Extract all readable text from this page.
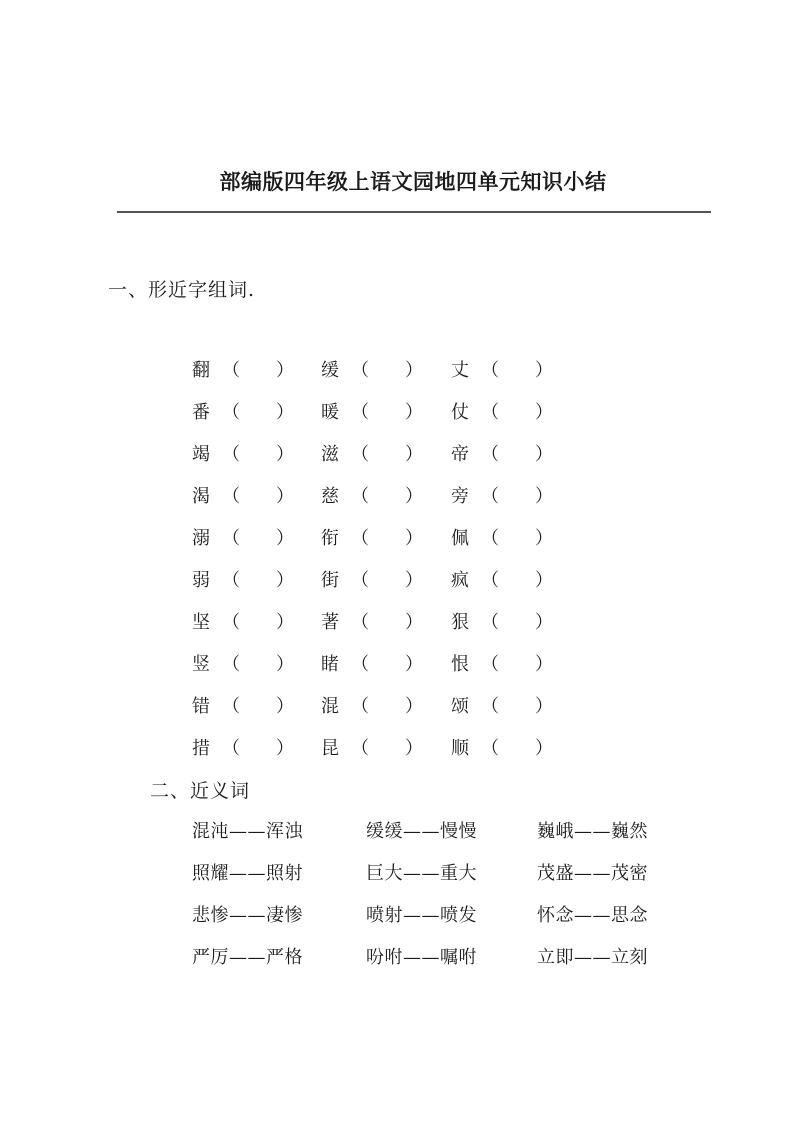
部编版四年级上语文园地四单元知识小结
一、形近字组词.
翻 （ ） 缓 （ ） 丈 （ ）
番 （ ） 暖 （ ） 仗 （ ）
竭 （ ） 滋 （ ） 帝 （ ）
渴 （ ） 慈 （ ） 旁 （ ）
溺 （ ） 衔 （ ） 佩 （ ）
弱 （ ） 街 （ ） 疯 （ ）
坚 （ ） 著 （ ） 狠 （ ）
竖 （ ） 睹 （ ） 恨 （ ）
错 （ ） 混 （ ） 颂 （ ）
措 （ ） 昆 （ ） 顺 （ ）
二、近义词
混沌——浑浊	缓缓——慢慢	巍峨——巍然
照耀——照射	巨大——重大	茂盛——茂密
悲惨——凄惨	喷射——喷发	怀念——思念
严厉——严格	吩咐——嘱咐	立即——立刻
